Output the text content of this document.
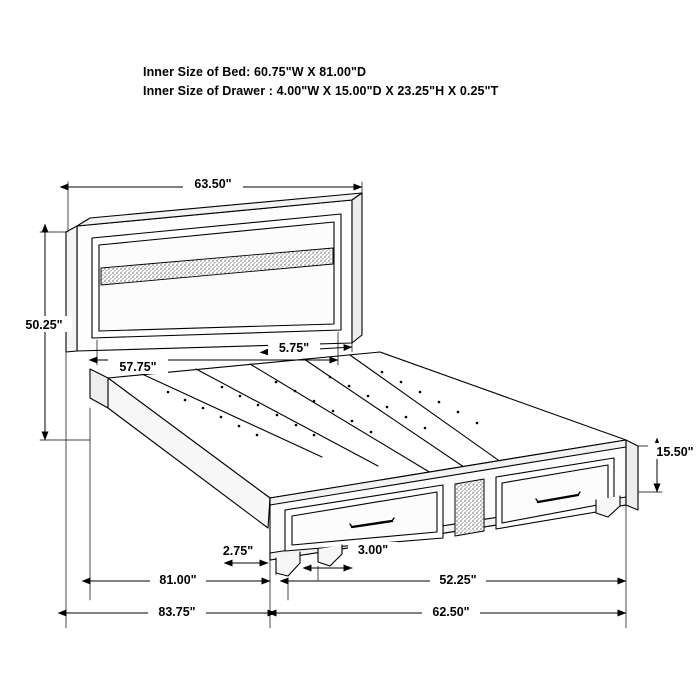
Inner Size of Bed: 60.75"W X 81.00"D
Inner Size of Drawer : 4.00"W X 15.00"D X 23.25"H X 0.25"T
63.50"
50.25"
57.75"
5.75"
15.50"
2.75"	3.00"
81.00"	52.25"
83.75"	62.50"
